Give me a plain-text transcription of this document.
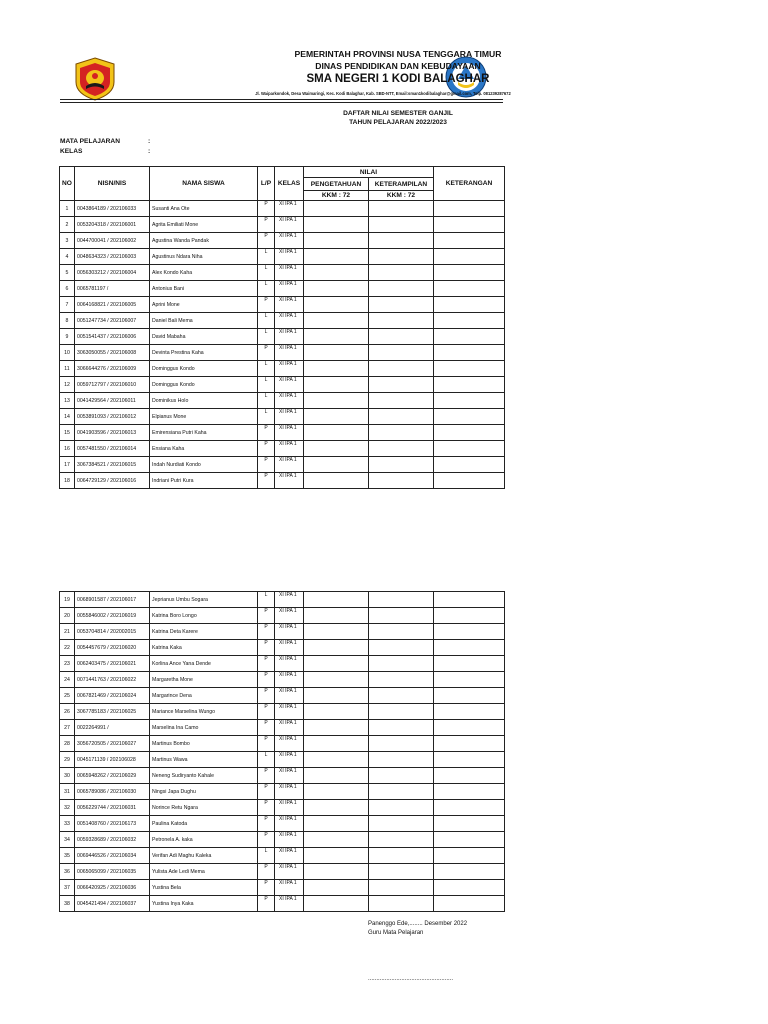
PEMERINTAH PROVINSI NUSA TENGGARA TIMUR
DINAS PENDIDIKAN DAN KEBUDAYAAN
SMA NEGERI 1 KODI BALAGHAR
Jl. Waiparkondok, Desa Waimaringi, Kec. Kodi Balaghar, Kab. SBD-NTT, Email:sman1kodibalaghar@gmail.com, Telp. 081239287672
DAFTAR NILAI SEMESTER GANJIL
TAHUN PELAJARAN 2022/2023
MATA PELAJARAN	:
KELAS	:
NO	NISN/NIS	NAMA SISWA	L/P	KELAS	NILAI		KETERANGAN
					PENGETAHUAN	KETERAMPILAN	
					KKM : 72	KKM : 72	
1	0043864189 / 202106033	Susanti Ana Ote	P	XI IPA 1			
2	0053204318 / 202106001	Agrita Emiliati Mone	P	XI IPA 1			
3	0044700041 / 202106002	Agustina Wanda Pandak	P	XI IPA 1			
4	0048634323 / 202106003	Agustinus Ndara Niha	L	XI IPA 1			
5	0056303212 / 202106004	Alex Kondo Kaha	L	XI IPA 1			
6	0065781197 /	Antonius Bani	L	XI IPA 1			
7	0064168821 / 202106005	Aprini Mone	P	XI IPA 1			
8	0051247734 / 202106007	Daniel Bali Mema	L	XI IPA 1			
9	0051541437 / 202106006	David Mabaha	L	XI IPA 1			
10	3063050055 / 202106008	Devinta Prestina Kaha	P	XI IPA 1			
11	3066644276 / 202106009	Dominggus Kondo	L	XI IPA 1			
12	0059712797 / 202106010	Dominggus Kondo	L	XI IPA 1			
13	0041429564 / 202106011	Dominikus Holo	L	XI IPA 1			
14	0053891093 / 202106012	Elpianus Mone	L	XI IPA 1			
15	0041903596 / 202106013	Emirensiana Putri Kaha	P	XI IPA 1			
16	0057481550 / 202106014	Ensiana Kaha	P	XI IPA 1			
17	3067384521 / 202106015	Indah Nurdiati Kondo	P	XI IPA 1			
18	0064729129 / 202106016	Indriani Putri Kura	P	XI IPA 1			
19	0068901587 / 202106017	Jeprianus Umbu Sogara	L	XI IPA 1			
20	0055846002 / 202106019	Katrina Boro Longo	P	XI IPA 1			
21	0053704814 / 202002015	Katrina Deta Karere	P	XI IPA 1			
22	0054457679 / 202106020	Katrina Kaka	P	XI IPA 1			
23	0062403475 / 202106021	Korlina Ance Yana Dende	P	XI IPA 1			
24	0071441763 / 202106022	Margaretha Mone	P	XI IPA 1			
25	0067821469 / 202106024	Margarince Dena	P	XI IPA 1			
26	3067785183 / 202106025	Mariance Marselina Wungo	P	XI IPA 1			
27	0022264991 /	Marselina Ina Camo	P	XI IPA 1			
28	3056720505 / 202106027	Martinus Bombo	P	XI IPA 1			
29	0045171139 / 202106028	Martinus Wawa	L	XI IPA 1			
30	0065948262 / 202106029	Neneng Sudiryanto Kahale	P	XI IPA 1			
31	0065789086 / 202106030	Ningsi Japa Dughu	P	XI IPA 1			
32	0056229744 / 202106031	Norince Retu Ngara	P	XI IPA 1			
33	0051408760 / 202106173	Paulina Katoda	P	XI IPA 1			
34	0059328689 / 202106032	Petronela A. kaka	P	XI IPA 1			
35	0069446526 / 202106034	Verifan Adi Maghu Kaleka	L	XI IPA 1			
36	0065065099 / 202106035	Yulista Ade Ledi Mema	P	XI IPA 1			
37	0066420925 / 202106036	Yustina Bela	P	XI IPA 1			
38	0045421494 / 202106037	Yustina Inya Kaka	P	XI IPA 1			
Panenggo Ede,........ Desember 2022
Guru Mata Pelajaran
...................................................
